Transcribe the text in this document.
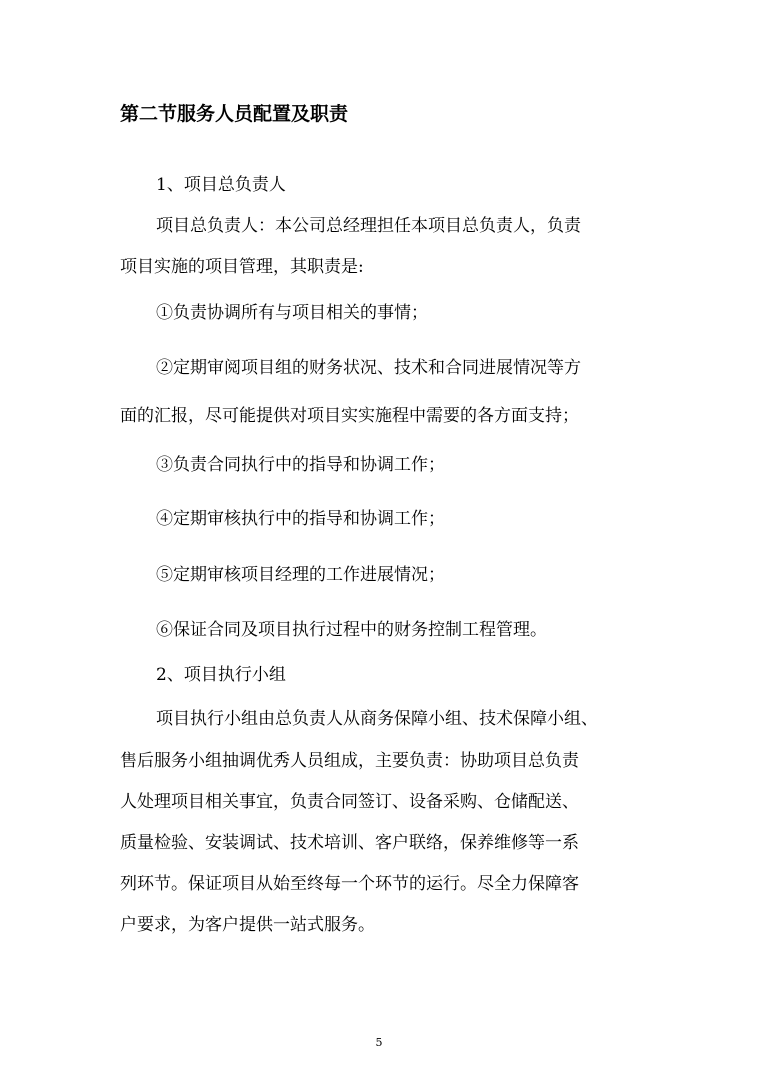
第二节服务人员配置及职责

1、项目总负责人

项目总负责人：本公司总经理担任本项目总负责人，负责

项目实施的项目管理，其职责是:

①负责协调所有与项目相关的事情；

②定期审阅项目组的财务状况、技术和合同进展情况等方

面的汇报，尽可能提供对项目实实施程中需要的各方面支持；

③负责合同执行中的指导和协调工作；

④定期审核执行中的指导和协调工作；

⑤定期审核项目经理的工作进展情况；

⑥保证合同及项目执行过程中的财务控制工程管理。

2、项目执行小组

项目执行小组由总负责人从商务保障小组、技术保障小组、

售后服务小组抽调优秀人员组成，主要负责：协助项目总负责

人处理项目相关事宜，负责合同签订、设备采购、仓储配送、

质量检验、安装调试、技术培训、客户联络，保养维修等一系

列环节。保证项目从始至终每一个环节的运行。尽全力保障客

户要求，为客户提供一站式服务。

5
